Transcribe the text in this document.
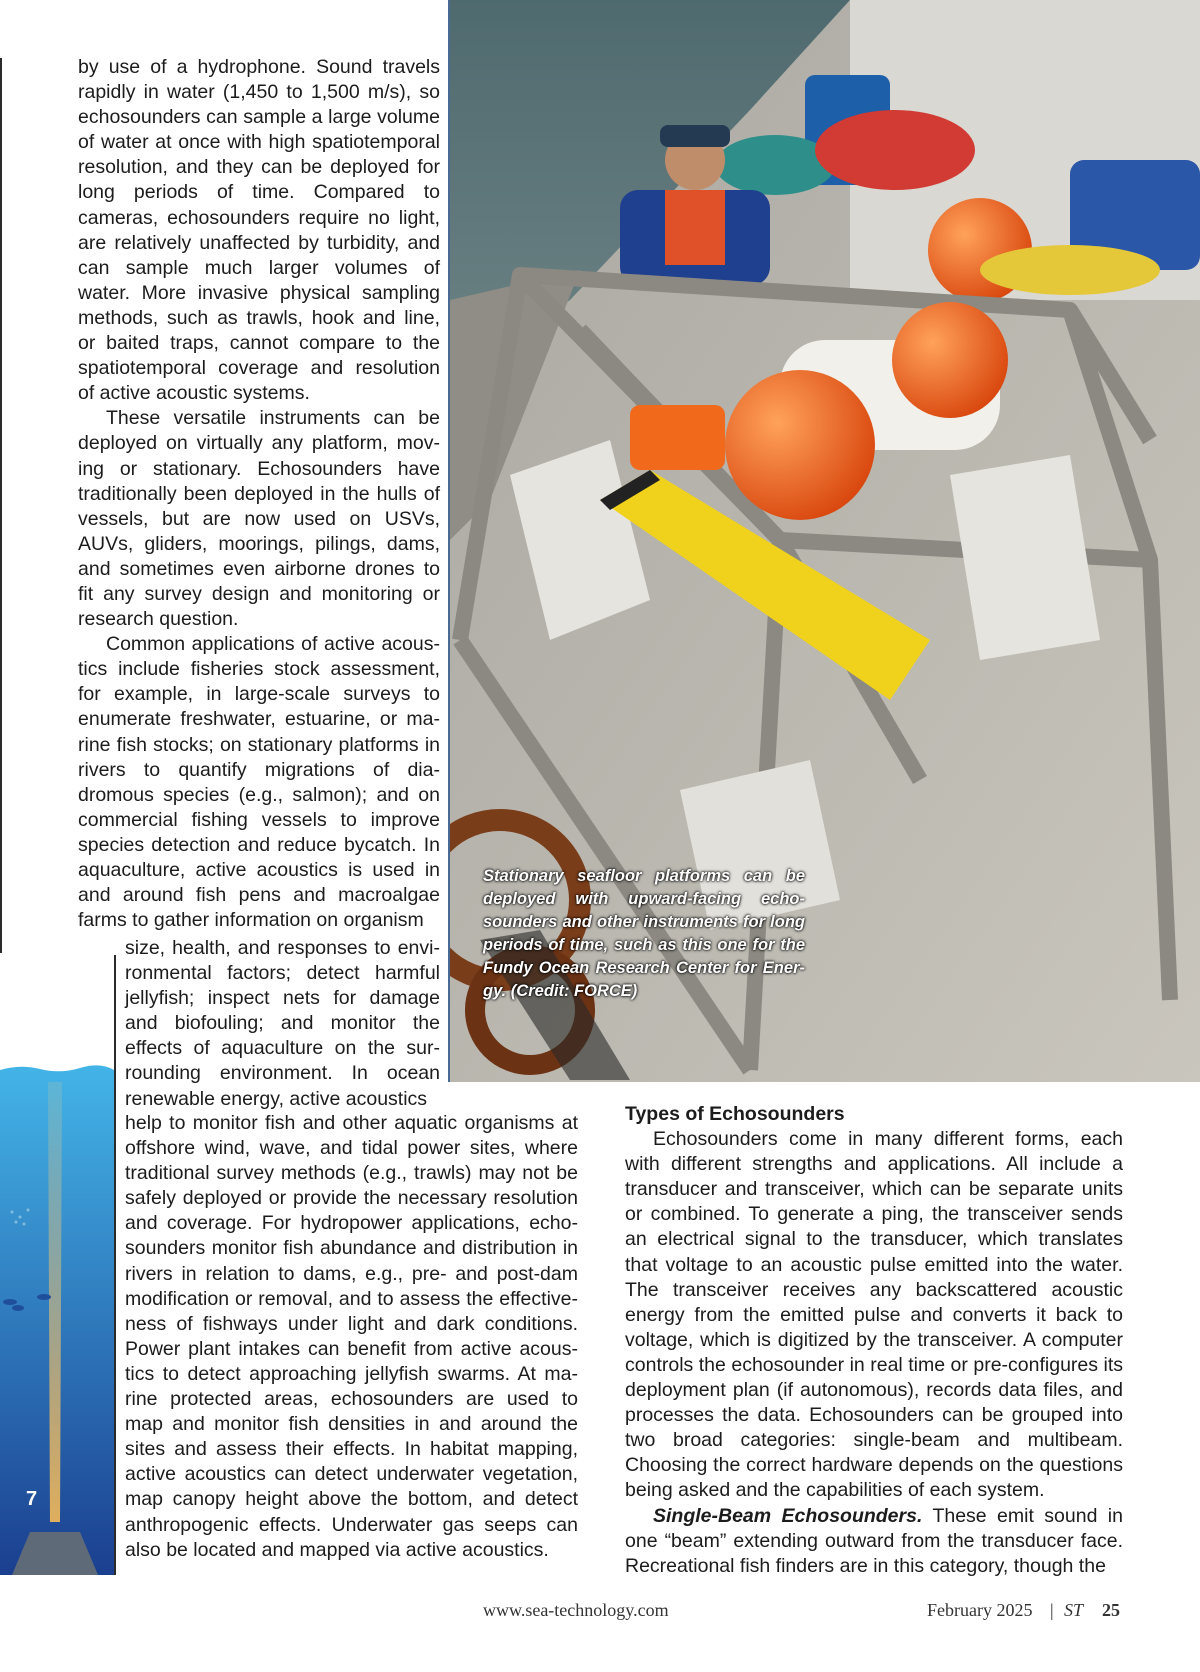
by use of a hydrophone. Sound travels rapidly in water (1,450 to 1,500 m/s), so echosounders can sample a large volume of water at once with high spatiotemporal resolution, and they can be deployed for long periods of time. Compared to cameras, echosounders require no light, are relatively unaffected by turbidity, and can sample much larger volumes of water. More invasive physical sampling methods, such as trawls, hook and line, or baited traps, cannot compare to the spatiotemporal coverage and resolution of active acoustic systems.

These versatile instruments can be deployed on virtually any platform, moving or stationary. Echosounders have traditionally been deployed in the hulls of vessels, but are now used on USVs, AUVs, gliders, moorings, pilings, dams, and sometimes even airborne drones to fit any survey design and monitoring or research question.

Common applications of active acoustics include fisheries stock assessment, for example, in large-scale surveys to enumerate freshwater, estuarine, or marine fish stocks; on stationary platforms in rivers to quantify migrations of diadromous species (e.g., salmon); and on commercial fishing vessels to improve species detection and reduce bycatch. In aquaculture, active acoustics is used in and around fish pens and macroalgae farms to gather information on organism

size, health, and responses to environmental factors; detect harmful jellyfish; inspect nets for damage and biofouling; and monitor the effects of aquaculture on the surrounding environment. In ocean renewable energy, active acoustics

help to monitor fish and other aquatic organisms at offshore wind, wave, and tidal power sites, where traditional survey methods (e.g., trawls) may not be safely deployed or provide the necessary resolution and coverage. For hydropower applications, echosounders monitor fish abundance and distribution in rivers in relation to dams, e.g., pre- and post-dam modification or removal, and to assess the effectiveness of fishways under light and dark conditions. Power plant intakes can benefit from active acoustics to detect approaching jellyfish swarms. At marine protected areas, echosounders are used to map and monitor fish densities in and around the sites and assess their effects. In habitat mapping, active acoustics can detect underwater vegetation, map canopy height above the bottom, and detect anthropogenic effects. Underwater gas seeps can also be located and mapped via active acoustics.

Types of Echosounders

Echosounders come in many different forms, each with different strengths and applications. All include a transducer and transceiver, which can be separate units or combined. To generate a ping, the transceiver sends an electrical signal to the transducer, which translates that voltage to an acoustic pulse emitted into the water. The transceiver receives any backscattered acoustic energy from the emitted pulse and converts it back to voltage, which is digitized by the transceiver. A computer controls the echosounder in real time or pre-configures its deployment plan (if autonomous), records data files, and processes the data. Echosounders can be grouped into two broad categories: single-beam and multibeam. Choosing the correct hardware depends on the questions being asked and the capabilities of each system.

Single-Beam Echosounders. These emit sound in one “beam” extending outward from the transducer face. Recreational fish finders are in this category, though the

Stationary seafloor platforms can be deployed with upward-facing echosounders and other instruments for long periods of time, such as this one for the Fundy Ocean Research Center for Energy. (Credit: FORCE)
7
www.sea-technology.com	February 2025 | ST 25
